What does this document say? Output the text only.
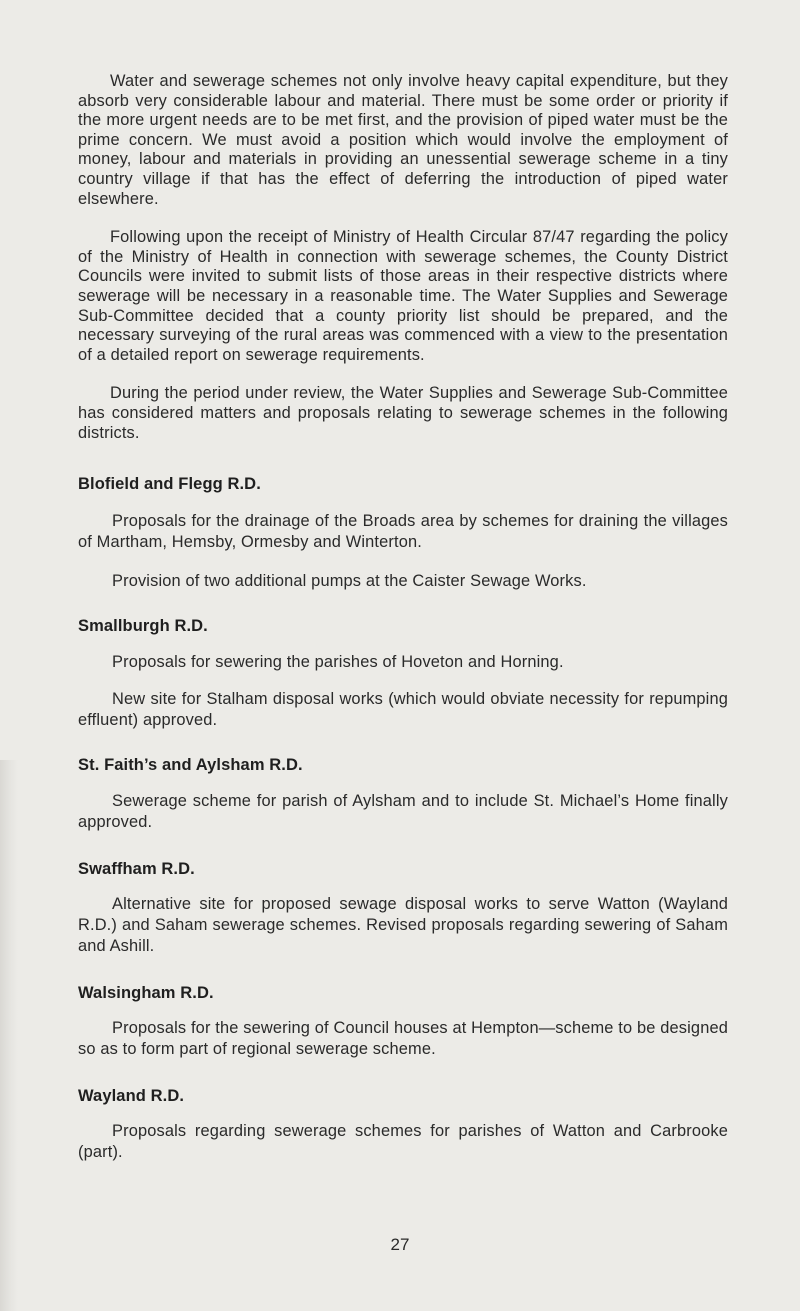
Water and sewerage schemes not only involve heavy capital expenditure, but they absorb very considerable labour and material. There must be some order or priority if the more urgent needs are to be met first, and the provision of piped water must be the prime concern. We must avoid a position which would involve the employment of money, labour and materials in providing an unessential sewerage scheme in a tiny country village if that has the effect of deferring the introduction of piped water elsewhere.

Following upon the receipt of Ministry of Health Circular 87/47 regarding the policy of the Ministry of Health in connection with sewerage schemes, the County District Councils were invited to submit lists of those areas in their respective districts where sewerage will be necessary in a reasonable time. The Water Supplies and Sewerage Sub-Committee decided that a county priority list should be prepared, and the necessary surveying of the rural areas was commenced with a view to the presentation of a detailed report on sewerage requirements.

During the period under review, the Water Supplies and Sewerage Sub-Committee has considered matters and proposals relating to sewerage schemes in the following districts.

Blofield and Flegg R.D.

Proposals for the drainage of the Broads area by schemes for draining the villages of Martham, Hemsby, Ormesby and Winterton.

Provision of two additional pumps at the Caister Sewage Works.

Smallburgh R.D.

Proposals for sewering the parishes of Hoveton and Horning.

New site for Stalham disposal works (which would obviate necessity for repumping effluent) approved.

St. Faith’s and Aylsham R.D.

Sewerage scheme for parish of Aylsham and to include St. Michael’s Home finally approved.

Swaffham R.D.

Alternative site for proposed sewage disposal works to serve Watton (Wayland R.D.) and Saham sewerage schemes. Revised proposals regarding sewering of Saham and Ashill.

Walsingham R.D.

Proposals for the sewering of Council houses at Hempton—scheme to be designed so as to form part of regional sewerage scheme.

Wayland R.D.

Proposals regarding sewerage schemes for parishes of Watton and Carbrooke (part).

27
